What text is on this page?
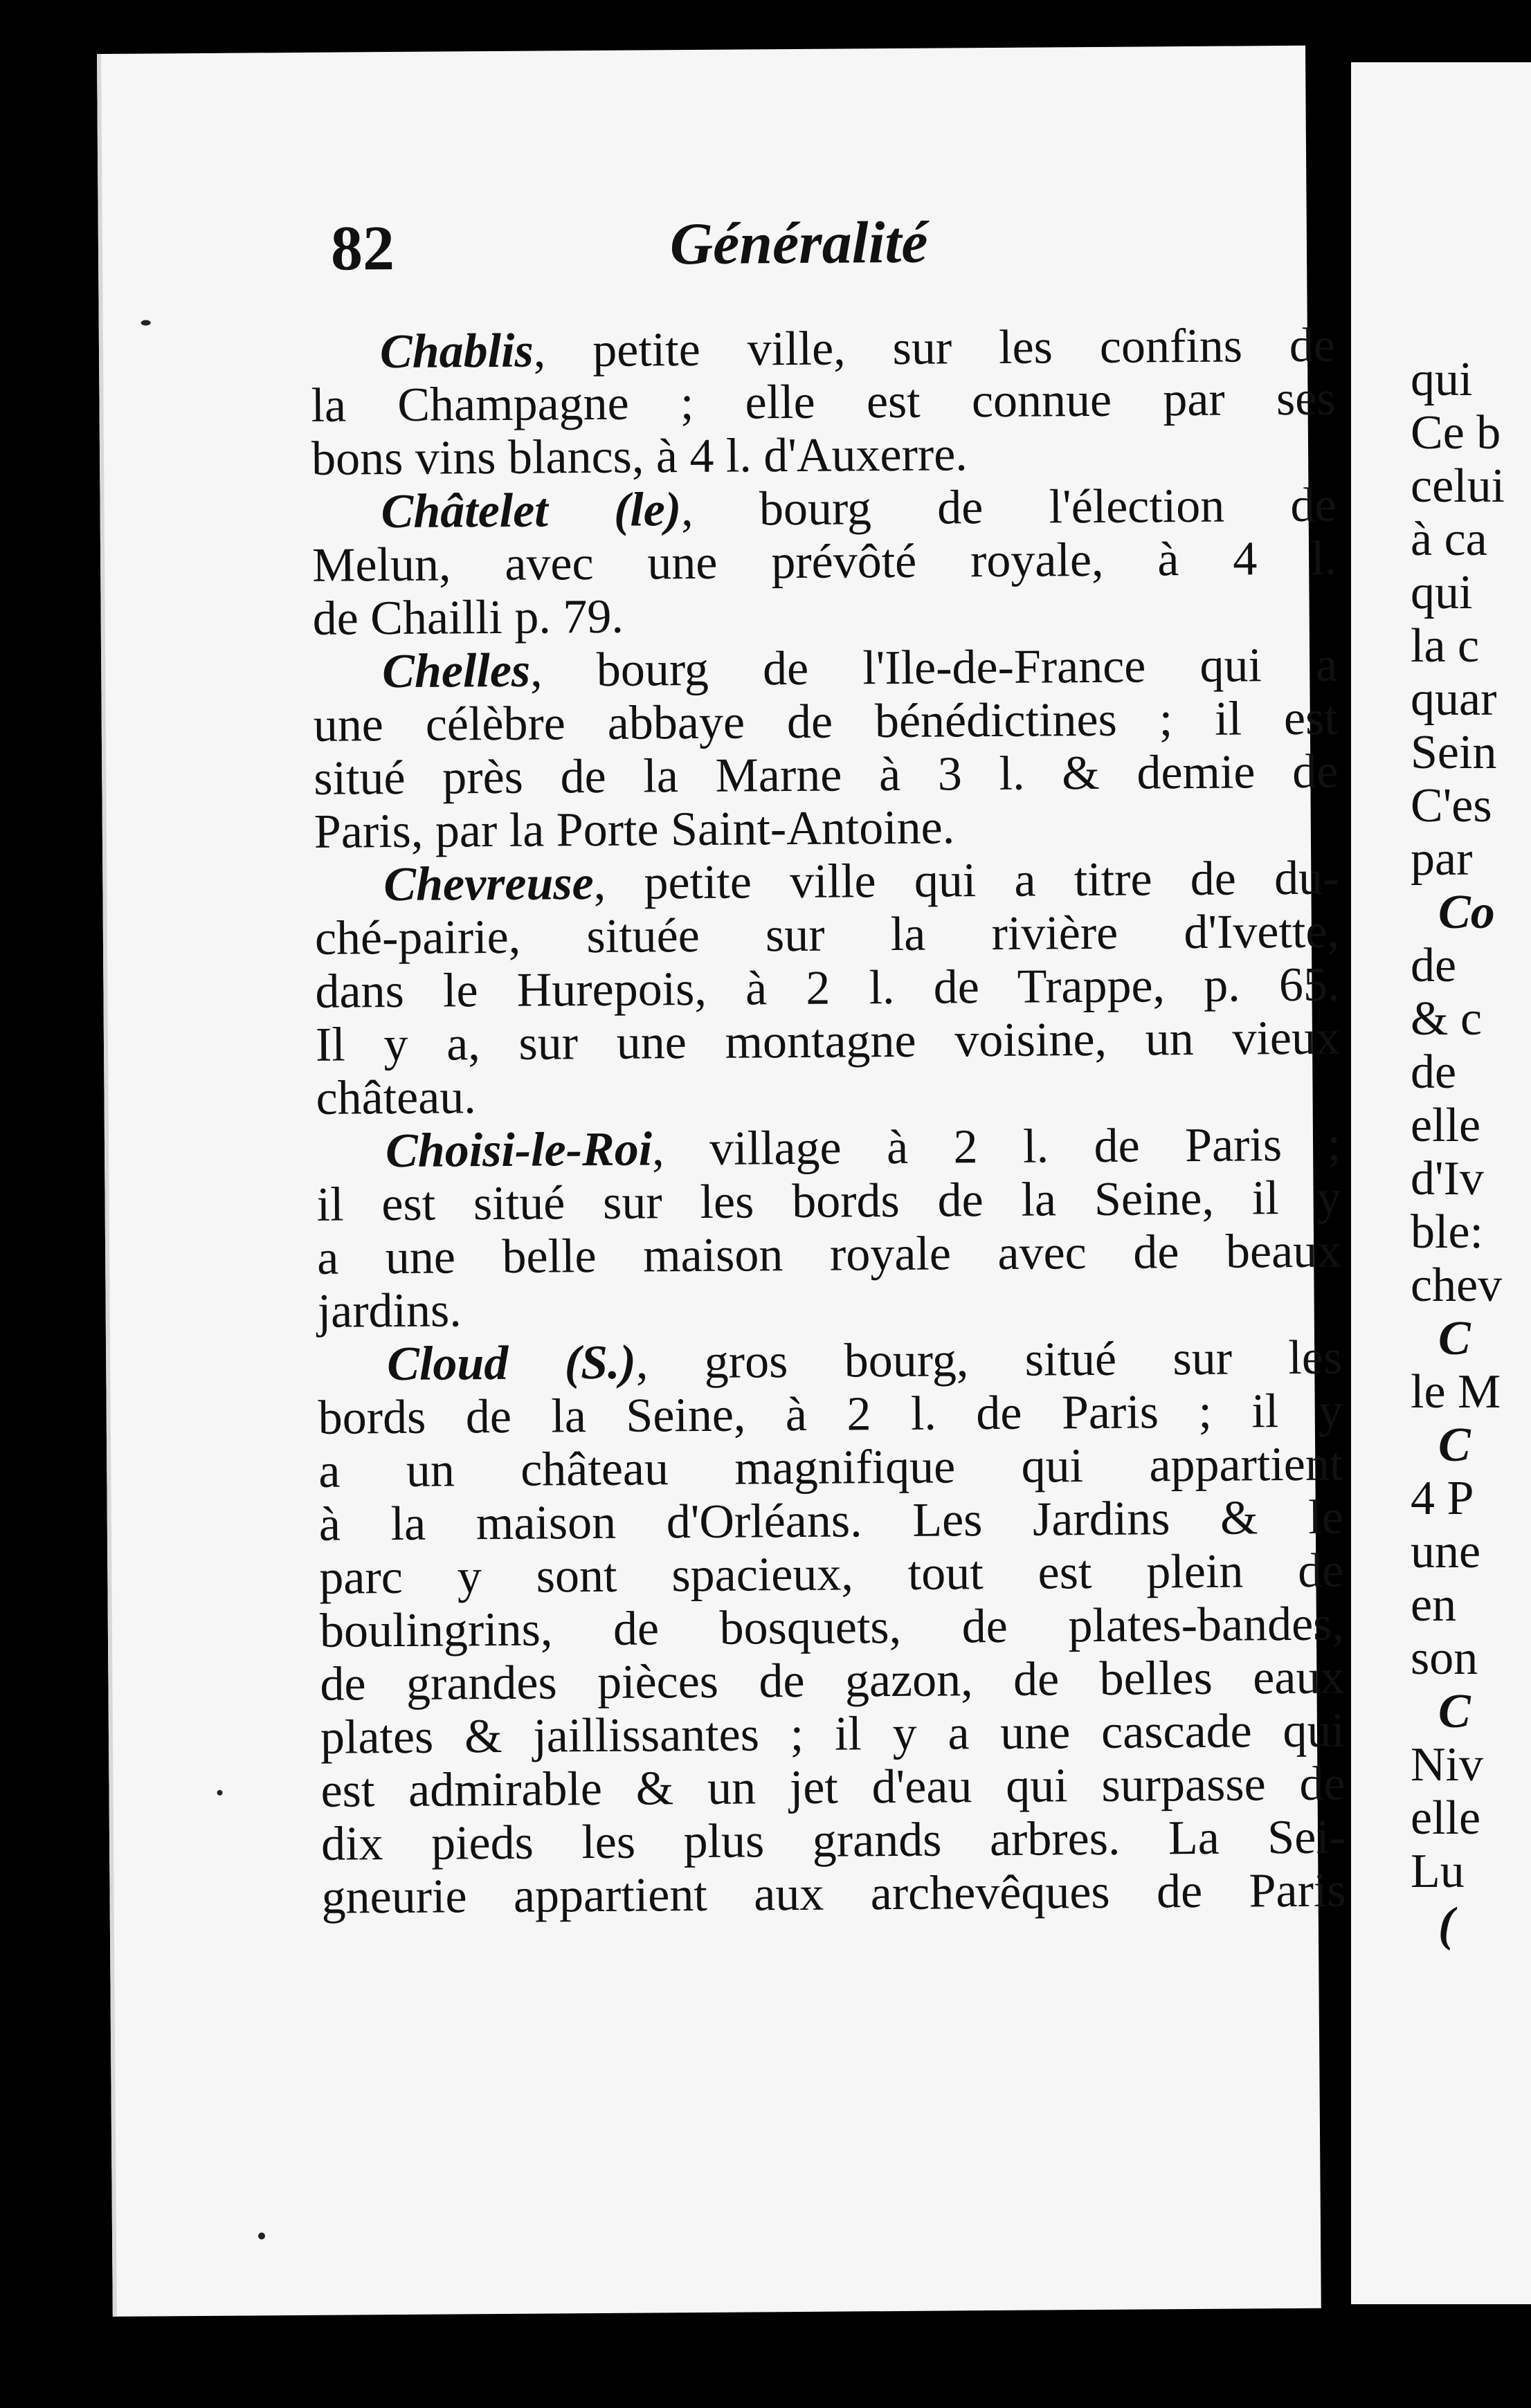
82	Généralité
Chablis, petite ville, sur les confins de
la Champagne ; elle est connue par ses
bons vins blancs, à 4 l. d'Auxerre.
Châtelet (le), bourg de l'élection de
Melun, avec une prévôté royale, à 4 l.
de Chailli p. 79.
Chelles, bourg de l'Ile-de-France qui a
une célèbre abbaye de bénédictines ; il est
situé près de la Marne à 3 l. & demie de
Paris, par la Porte Saint-Antoine.
Chevreuse, petite ville qui a titre de du-
ché-pairie, située sur la rivière d'Ivette,
dans le Hurepois, à 2 l. de Trappe, p. 65.
Il y a, sur une montagne voisine, un vieux
château.
Choisi-le-Roi, village à 2 l. de Paris ;
il est situé sur les bords de la Seine, il y
a une belle maison royale avec de beaux
jardins.
Cloud (S.), gros bourg, situé sur les
bords de la Seine, à 2 l. de Paris ; il y
a un château magnifique qui appartient
à la maison d'Orléans. Les Jardins & le
parc y sont spacieux, tout est plein de
boulingrins, de bosquets, de plates-bandes,
de grandes pièces de gazon, de belles eaux
plates & jaillissantes ; il y a une cascade qui
est admirable & un jet d'eau qui surpasse de
dix pieds les plus grands arbres. La Sei-
gneurie appartient aux archevêques de Paris
qui
Ce b
celui
à ca
qui
la c
quar
Sein
C'es
par
Co
de
& c
de
elle
d'Iv
ble:
chev
C
le M
C
4 P
une
en
son
C
Niv
elle
Lu
(
